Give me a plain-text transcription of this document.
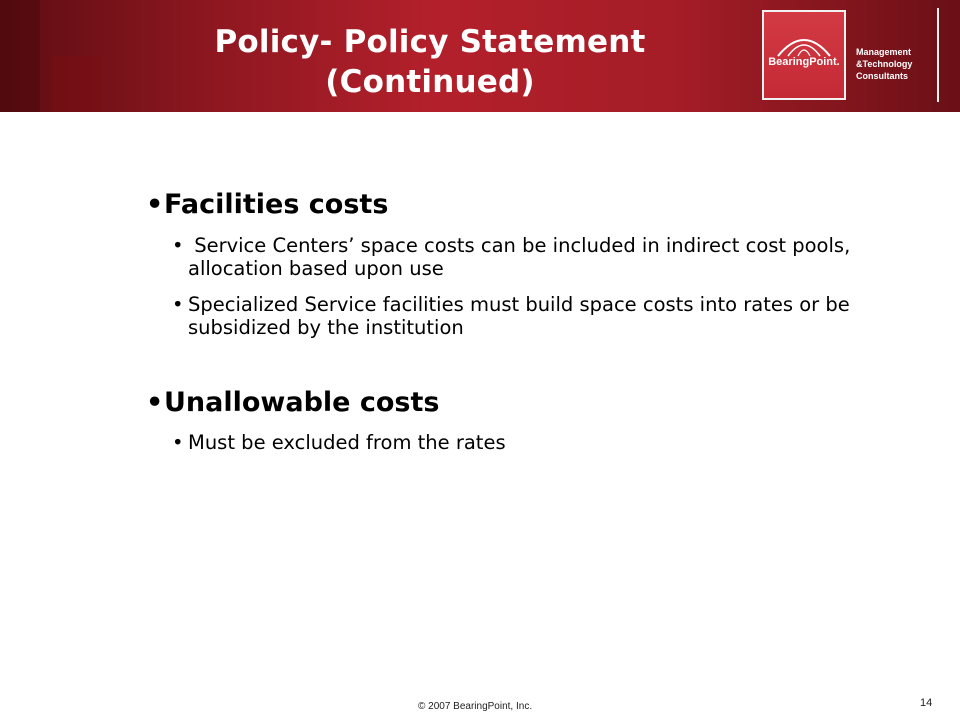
Policy- Policy Statement
(Continued)
BearingPoint.
Management
&Technology
Consultants
•Facilities costs
• Service Centers’ space costs can be included in indirect cost pools, allocation based upon use
• Specialized Service facilities must build space costs into rates or be subsidized by the institution
•Unallowable costs
• Must be excluded from the rates
© 2007 BearingPoint, Inc.	14
